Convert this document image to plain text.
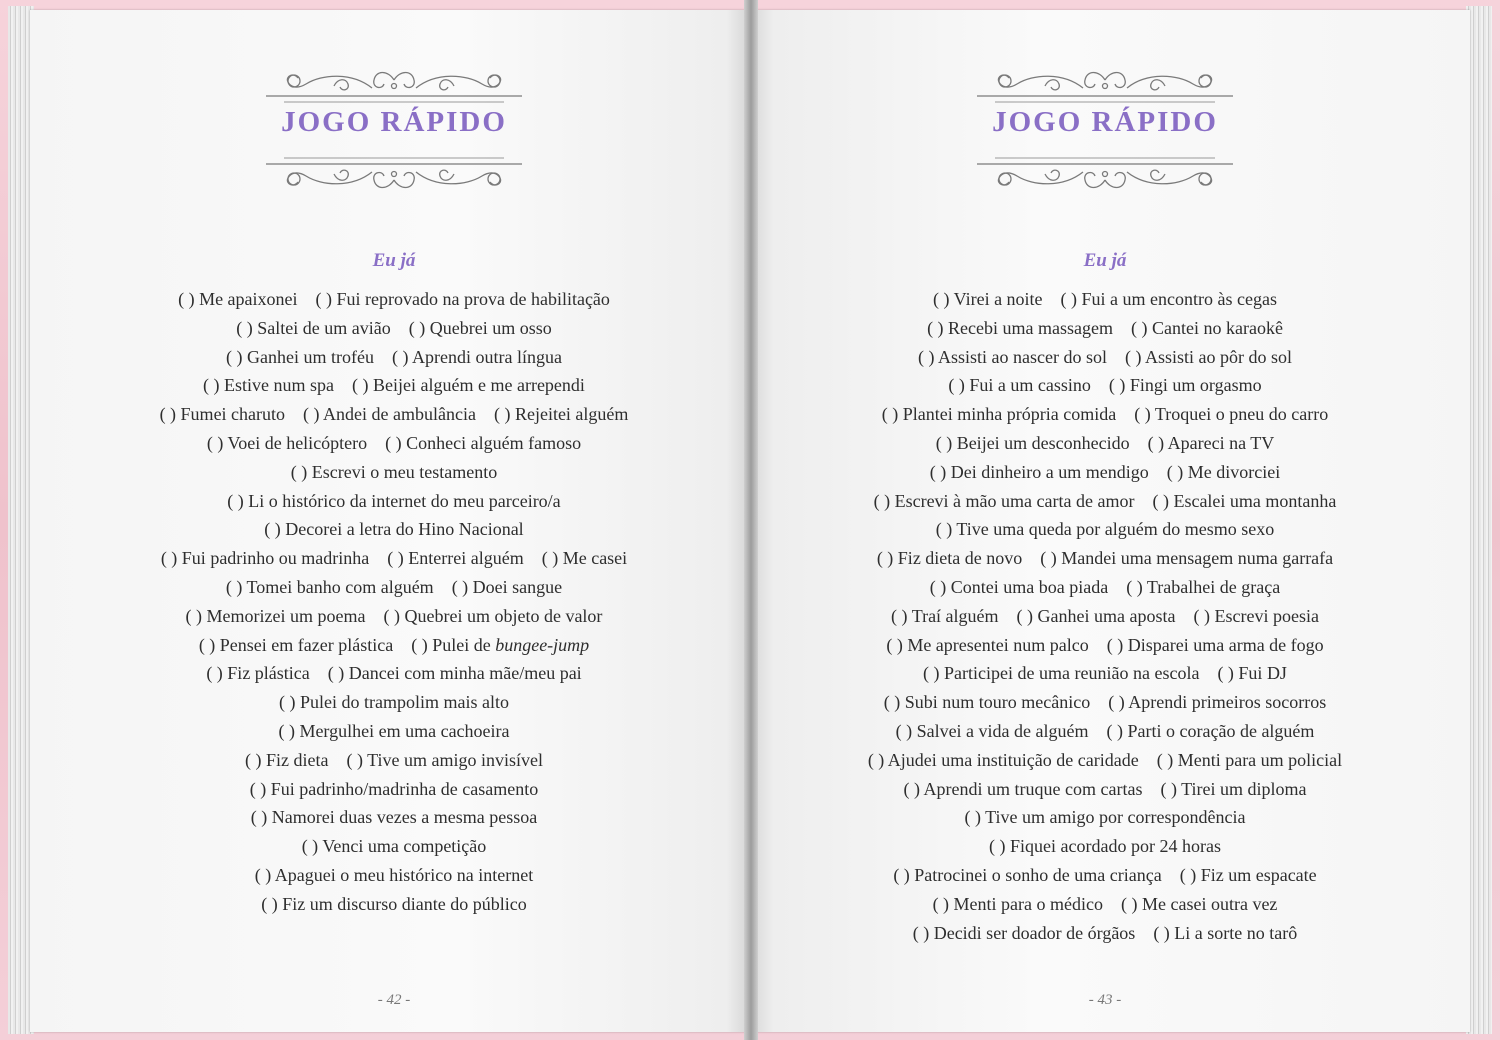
JOGO RÁPIDO
Eu já
( ) Me apaixonei ( ) Fui reprovado na prova de habilitação
( ) Saltei de um avião ( ) Quebrei um osso
( ) Ganhei um troféu ( ) Aprendi outra língua
( ) Estive num spa ( ) Beijei alguém e me arrependi
( ) Fumei charuto ( ) Andei de ambulância ( ) Rejeitei alguém
( ) Voei de helicóptero ( ) Conheci alguém famoso
( ) Escrevi o meu testamento
( ) Li o histórico da internet do meu parceiro/a
( ) Decorei a letra do Hino Nacional
( ) Fui padrinho ou madrinha ( ) Enterrei alguém ( ) Me casei
( ) Tomei banho com alguém ( ) Doei sangue
( ) Memorizei um poema ( ) Quebrei um objeto de valor
( ) Pensei em fazer plástica ( ) Pulei de bungee-jump
( ) Fiz plástica ( ) Dancei com minha mãe/meu pai
( ) Pulei do trampolim mais alto
( ) Mergulhei em uma cachoeira
( ) Fiz dieta ( ) Tive um amigo invisível
( ) Fui padrinho/madrinha de casamento
( ) Namorei duas vezes a mesma pessoa
( ) Venci uma competição
( ) Apaguei o meu histórico na internet
( ) Fiz um discurso diante do público
- 42 -
JOGO RÁPIDO
Eu já
( ) Virei a noite ( ) Fui a um encontro às cegas
( ) Recebi uma massagem ( ) Cantei no karaokê
( ) Assisti ao nascer do sol ( ) Assisti ao pôr do sol
( ) Fui a um cassino ( ) Fingi um orgasmo
( ) Plantei minha própria comida ( ) Troquei o pneu do carro
( ) Beijei um desconhecido ( ) Apareci na TV
( ) Dei dinheiro a um mendigo ( ) Me divorciei
( ) Escrevi à mão uma carta de amor ( ) Escalei uma montanha
( ) Tive uma queda por alguém do mesmo sexo
( ) Fiz dieta de novo ( ) Mandei uma mensagem numa garrafa
( ) Contei uma boa piada ( ) Trabalhei de graça
( ) Traí alguém ( ) Ganhei uma aposta ( ) Escrevi poesia
( ) Me apresentei num palco ( ) Disparei uma arma de fogo
( ) Participei de uma reunião na escola ( ) Fui DJ
( ) Subi num touro mecânico ( ) Aprendi primeiros socorros
( ) Salvei a vida de alguém ( ) Parti o coração de alguém
( ) Ajudei uma instituição de caridade ( ) Menti para um policial
( ) Aprendi um truque com cartas ( ) Tirei um diploma
( ) Tive um amigo por correspondência
( ) Fiquei acordado por 24 horas
( ) Patrocinei o sonho de uma criança ( ) Fiz um espacate
( ) Menti para o médico ( ) Me casei outra vez
( ) Decidi ser doador de órgãos ( ) Li a sorte no tarô
- 43 -
